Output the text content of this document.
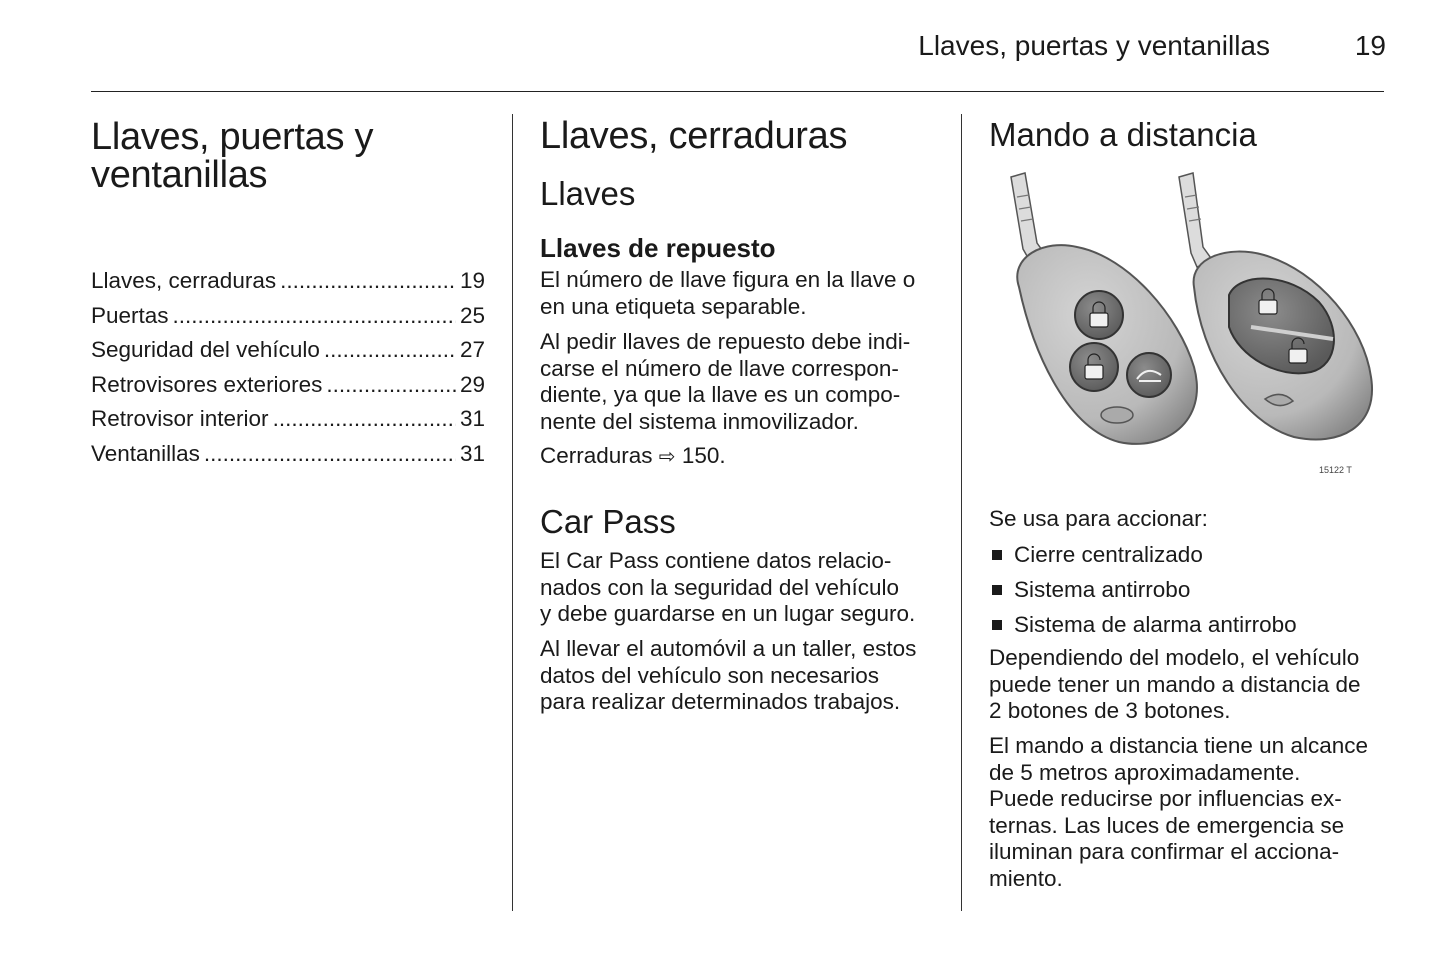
Llaves, puertas y ventanillas	19
Llaves, puertas y
ventanillas
Llaves, cerraduras .....	19
Puertas .....	25
Seguridad del vehículo .....	27
Retrovisores exteriores .....	29
Retrovisor interior .....	31
Ventanillas .....	31
Llaves, cerraduras
Llaves
Llaves de repuesto
El número de llave figura en la llave o
en una etiqueta separable.
Al pedir llaves de repuesto debe indi-
carse el número de llave correspon-
diente, ya que la llave es un compo-
nente del sistema inmovilizador.
Cerraduras ⇨ 150.
Car Pass
El Car Pass contiene datos relacio-
nados con la seguridad del vehículo
y debe guardarse en un lugar seguro.
Al llevar el automóvil a un taller, estos
datos del vehículo son necesarios
para realizar determinados trabajos.
Mando a distancia
15122 T
Se usa para accionar:
Cierre centralizado
Sistema antirrobo
Sistema de alarma antirrobo
Dependiendo del modelo, el vehículo
puede tener un mando a distancia de
2 botones de 3 botones.
El mando a distancia tiene un alcance
de 5 metros aproximadamente.
Puede reducirse por influencias ex-
ternas. Las luces de emergencia se
iluminan para confirmar el acciona-
miento.
